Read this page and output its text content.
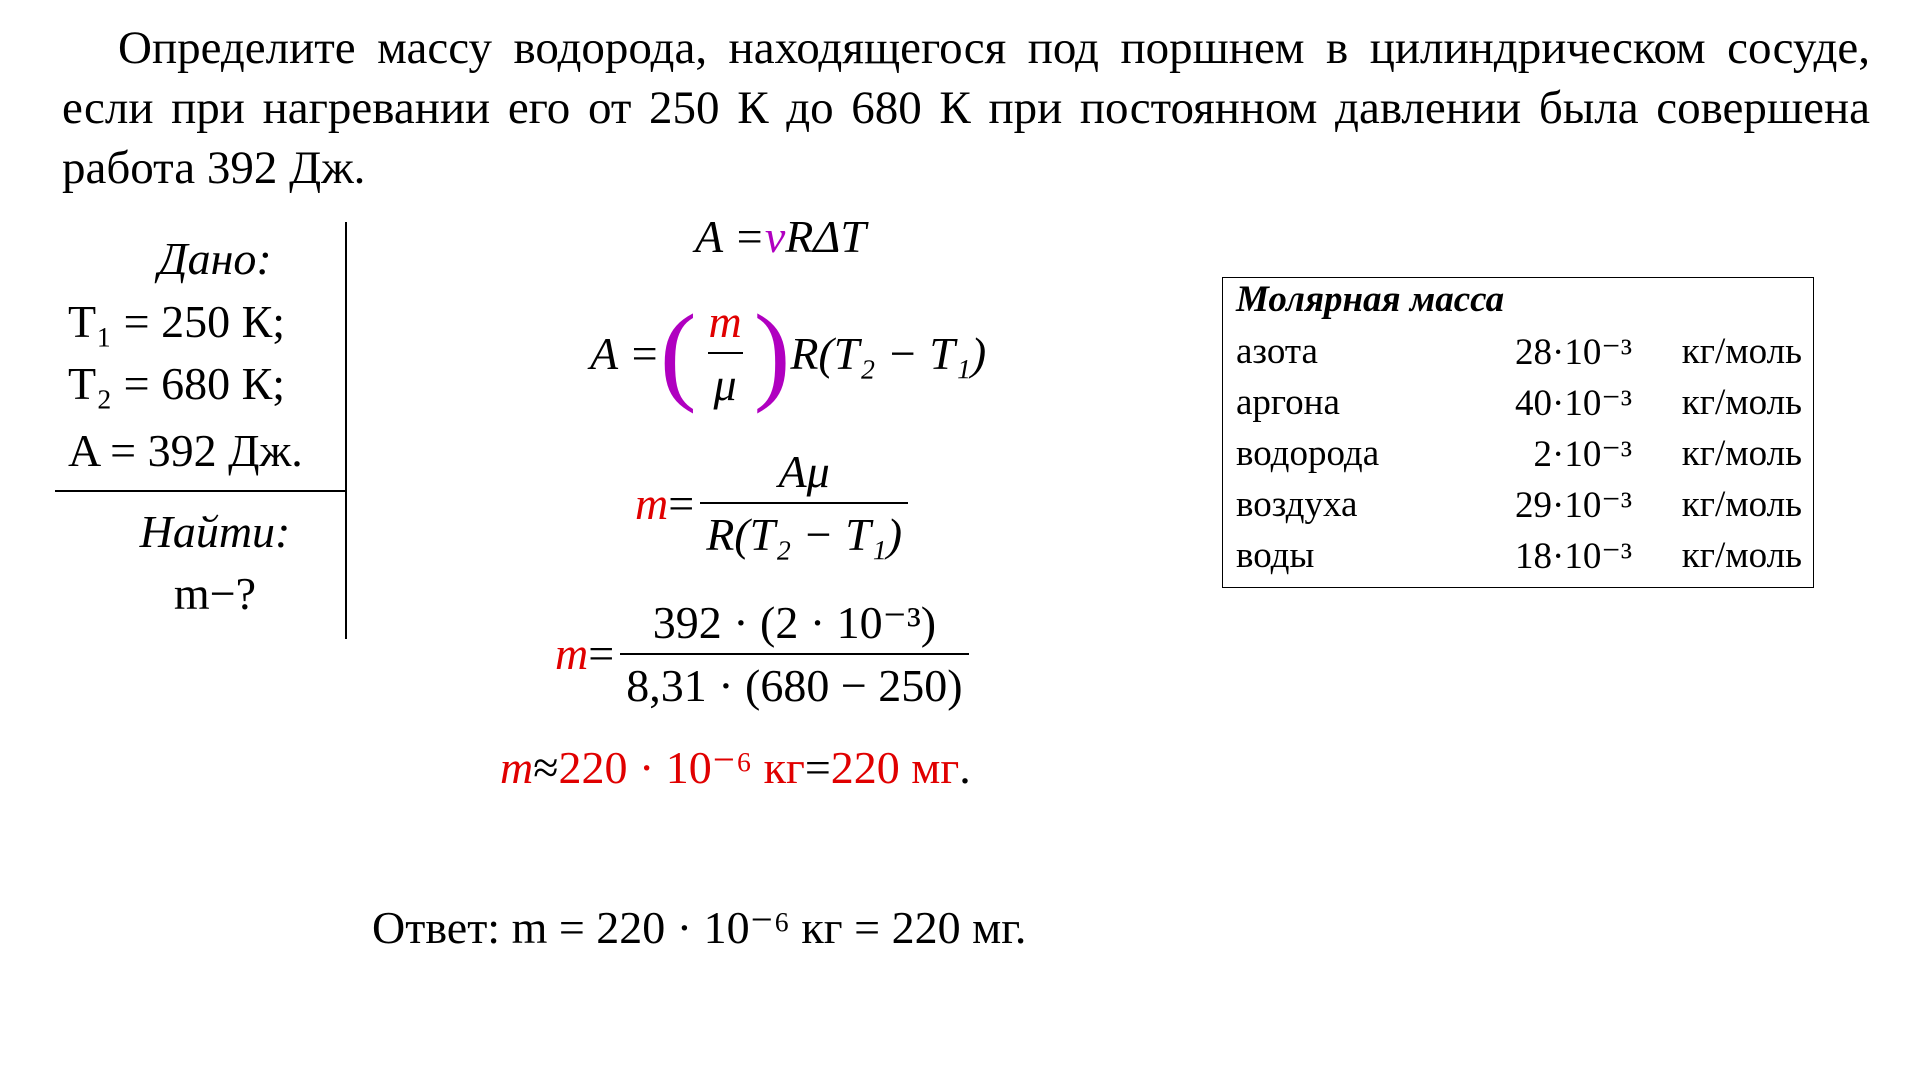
Определите массу водорода, находящегося под поршнем в цилиндрическом сосуде, если при нагревании его от 250 К до 680 К при постоянном давлении была совершена работа 392 Дж.
Дано:
T₁ = 250 К;
T₂ = 680 К;
A = 392 Дж.
Найти:
m−?
A = ν RΔT
A = ( $\frac{m}{\mu}$ ) R(T₂ − T₁)
$m = \frac{A\mu}{\text{R(T₂ − T₁)}}$
$m = \frac{\text{392 · (2 · 10⁻³)}}{8,31 \cdot (680 - 250)}$
m ≈ 220 · 10⁻⁶ кг = 220 мг .
Молярная масса
азота	28·10⁻³ кг/моль
аргона	40·10⁻³ кг/моль
водорода	2·10⁻³ кг/моль
воздуха	29·10⁻³ кг/моль
воды	18·10⁻³ кг/моль
Ответ: m = 220 · 10⁻⁶ кг = 220 мг.
